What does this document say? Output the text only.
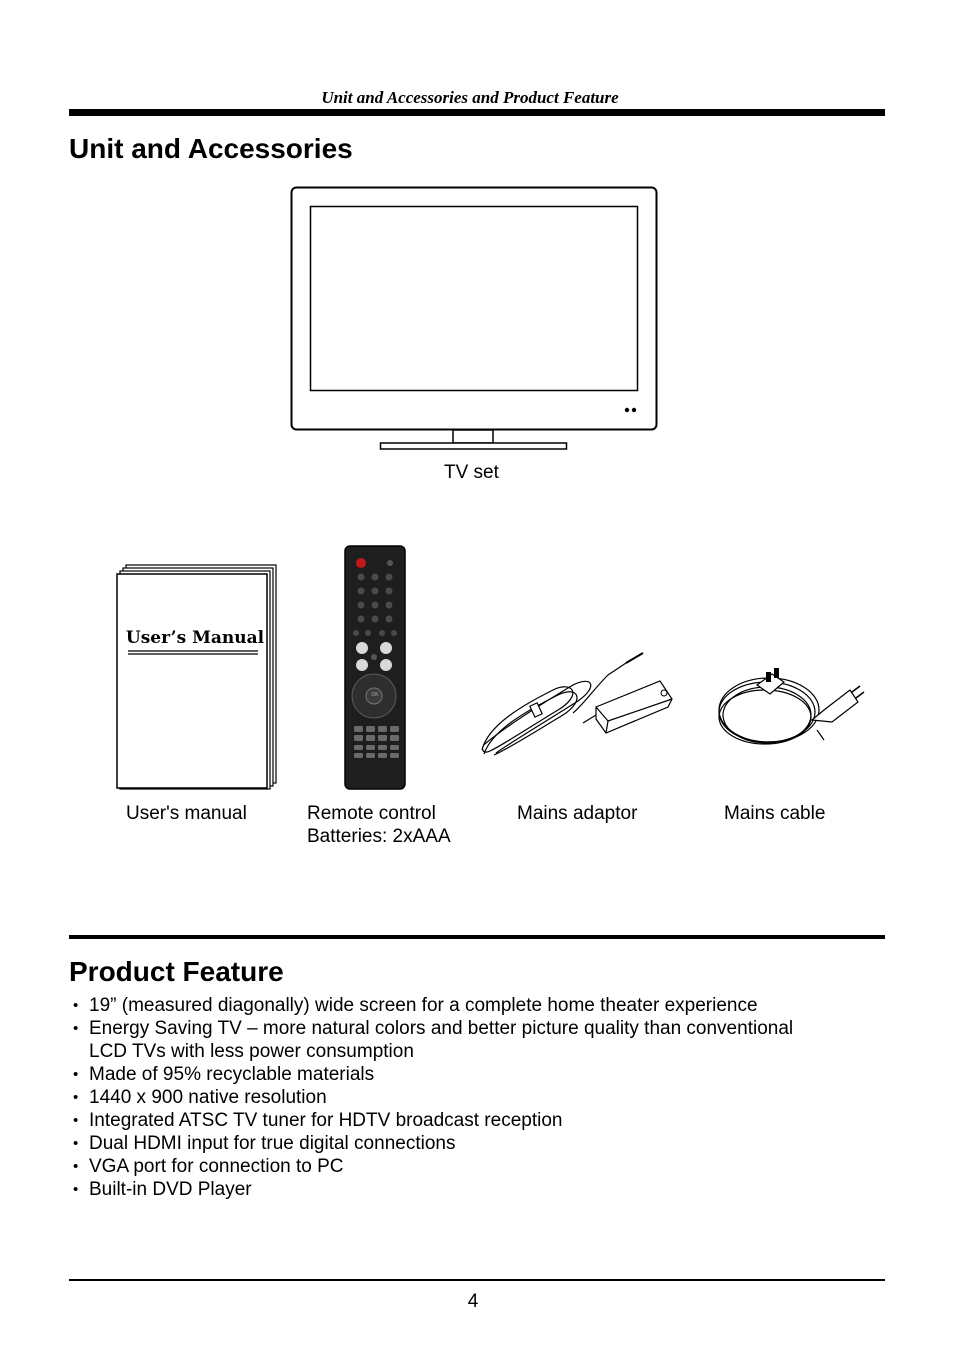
Unit and Accessories and Product Feature
Unit and Accessories
TV set
User’s Manual
OK
User's manual	Remote control
Batteries: 2xAAA
Mains adaptor	Mains cable
Product Feature
• 19” (measured diagonally) wide screen for a complete home theater experience
• Energy Saving TV – more natural colors and better picture quality than conventional LCD TVs with less power consumption
• Made of 95% recyclable materials
• 1440 x 900 native resolution
• Integrated ATSC TV tuner for HDTV broadcast reception
• Dual HDMI input for true digital connections
• VGA port for connection to PC
• Built-in DVD Player
4
